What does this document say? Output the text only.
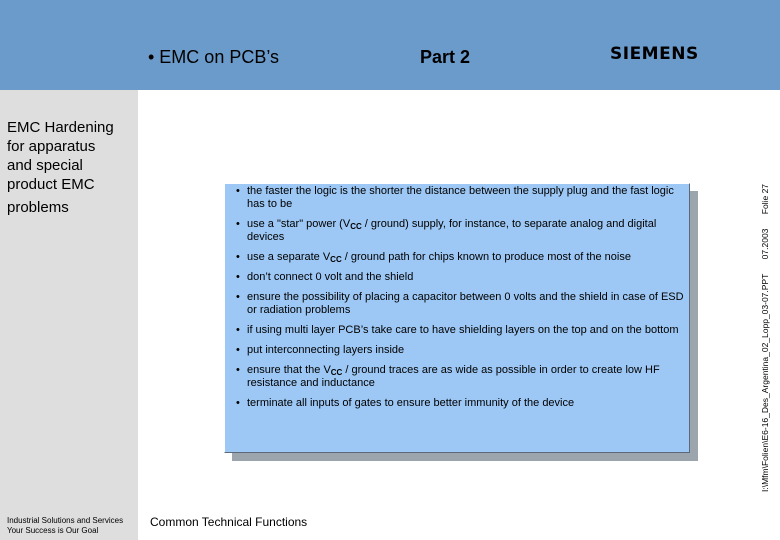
• EMC on PCB’s	Part 2	SIEMENS
EMC Hardening
for apparatus
and special
product EMC
problems
Industrial Solutions and Services
Your Success is Our Goal
Common Technical Functions
• the faster the logic is the shorter the distance between the supply plug and the fast logic has to be
• use a "star" power ($V_{CC}$ / ground) supply, for instance, to separate analog and digital devices
• use a separate $V_{CC}$ / ground path for chips known to produce most of the noise
• don’t connect 0 volt and the shield
• ensure the possibility of placing a capacitor between 0 volts and the shield in case of ESD or radiation problems
• if using multi layer PCB’s take care to have shielding layers on the top and on the bottom
• put interconnecting layers inside
• ensure that the $V_{CC}$ / ground traces are as wide as possible in order to create low HF resistance and inductance
• terminate all inputs of gates to ensure better immunity of the device	I:\Mfm\Folien\E6-16_Des_Argentina_02_Lopp_03-07.PPT 07.2003 Folie 27
